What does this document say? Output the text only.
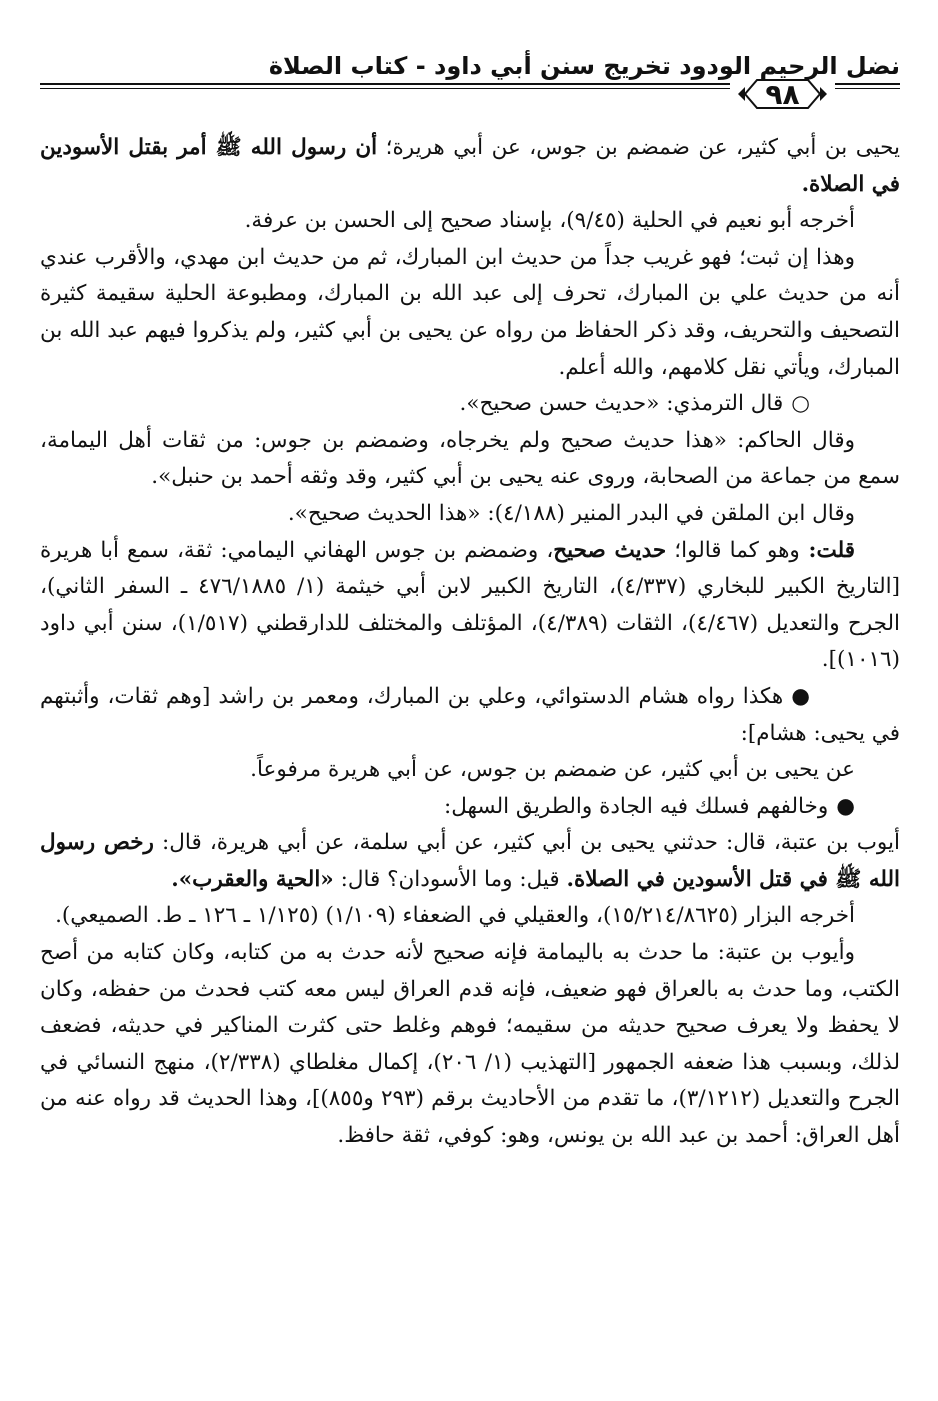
نضل الرحيم الودود تخريج سنن أبي داود - كتاب الصلاة
٩٨

يحيى بن أبي كثير، عن ضمضم بن جوس، عن أبي هريرة؛ أن رسول الله ﷺ أمر بقتل الأسودين في الصلاة.

أخرجه أبو نعيم في الحلية (٩/٤٥)، بإسناد صحيح إلى الحسن بن عرفة.

وهذا إن ثبت؛ فهو غريب جداً من حديث ابن المبارك، ثم من حديث ابن مهدي، والأقرب عندي أنه من حديث علي بن المبارك، تحرف إلى عبد الله بن المبارك، ومطبوعة الحلية سقيمة كثيرة التصحيف والتحريف، وقد ذكر الحفاظ من رواه عن يحيى بن أبي كثير، ولم يذكروا فيهم عبد الله بن المبارك، ويأتي نقل كلامهم، والله أعلم.

○قال الترمذي: «حديث حسن صحيح».

وقال الحاكم: «هذا حديث صحيح ولم يخرجاه، وضمضم بن جوس: من ثقات أهل اليمامة، سمع من جماعة من الصحابة، وروى عنه يحيى بن أبي كثير، وقد وثقه أحمد بن حنبل».

وقال ابن الملقن في البدر المنير (٤/١٨٨): «هذا الحديث صحيح».

قلت: وهو كما قالوا؛ حديث صحيح، وضمضم بن جوس الهفاني اليمامي: ثقة، سمع أبا هريرة [التاريخ الكبير للبخاري (٤/٣٣٧)، التاريخ الكبير لابن أبي خيثمة (١/ ٤٧٦/١٨٨٥ ـ السفر الثاني)، الجرح والتعديل (٤/٤٦٧)، الثقات (٤/٣٨٩)، المؤتلف والمختلف للدارقطني (١/٥١٧)، سنن أبي داود (١٠١٦)].

●هكذا رواه هشام الدستوائي، وعلي بن المبارك، ومعمر بن راشد [وهم ثقات، وأثبتهم في يحيى: هشام]:

عن يحيى بن أبي كثير، عن ضمضم بن جوس، عن أبي هريرة مرفوعاً.

●وخالفهم فسلك فيه الجادة والطريق السهل:

أيوب بن عتبة، قال: حدثني يحيى بن أبي كثير، عن أبي سلمة، عن أبي هريرة، قال: رخص رسول الله ﷺ في قتل الأسودين في الصلاة. قيل: وما الأسودان؟ قال: «الحية والعقرب».

أخرجه البزار (١٥/٢١٤/٨٦٢٥)، والعقيلي في الضعفاء (١/١٠٩) (١/١٢٥ ـ ١٢٦ ـ ط. الصميعي).

وأيوب بن عتبة: ما حدث به باليمامة فإنه صحيح لأنه حدث به من كتابه، وكان كتابه من أصح الكتب، وما حدث به بالعراق فهو ضعيف، فإنه قدم العراق ليس معه كتب فحدث من حفظه، وكان لا يحفظ ولا يعرف صحيح حديثه من سقيمه؛ فوهم وغلط حتى كثرت المناكير في حديثه، فضعف لذلك، وبسبب هذا ضعفه الجمهور [التهذيب (١/ ٢٠٦)، إكمال مغلطاي (٢/٣٣٨)، منهج النسائي في الجرح والتعديل (٣/١٢١٢)، ما تقدم من الأحاديث برقم (٢٩٣ و٨٥٥)]، وهذا الحديث قد رواه عنه من أهل العراق: أحمد بن عبد الله بن يونس، وهو: كوفي، ثقة حافظ.
